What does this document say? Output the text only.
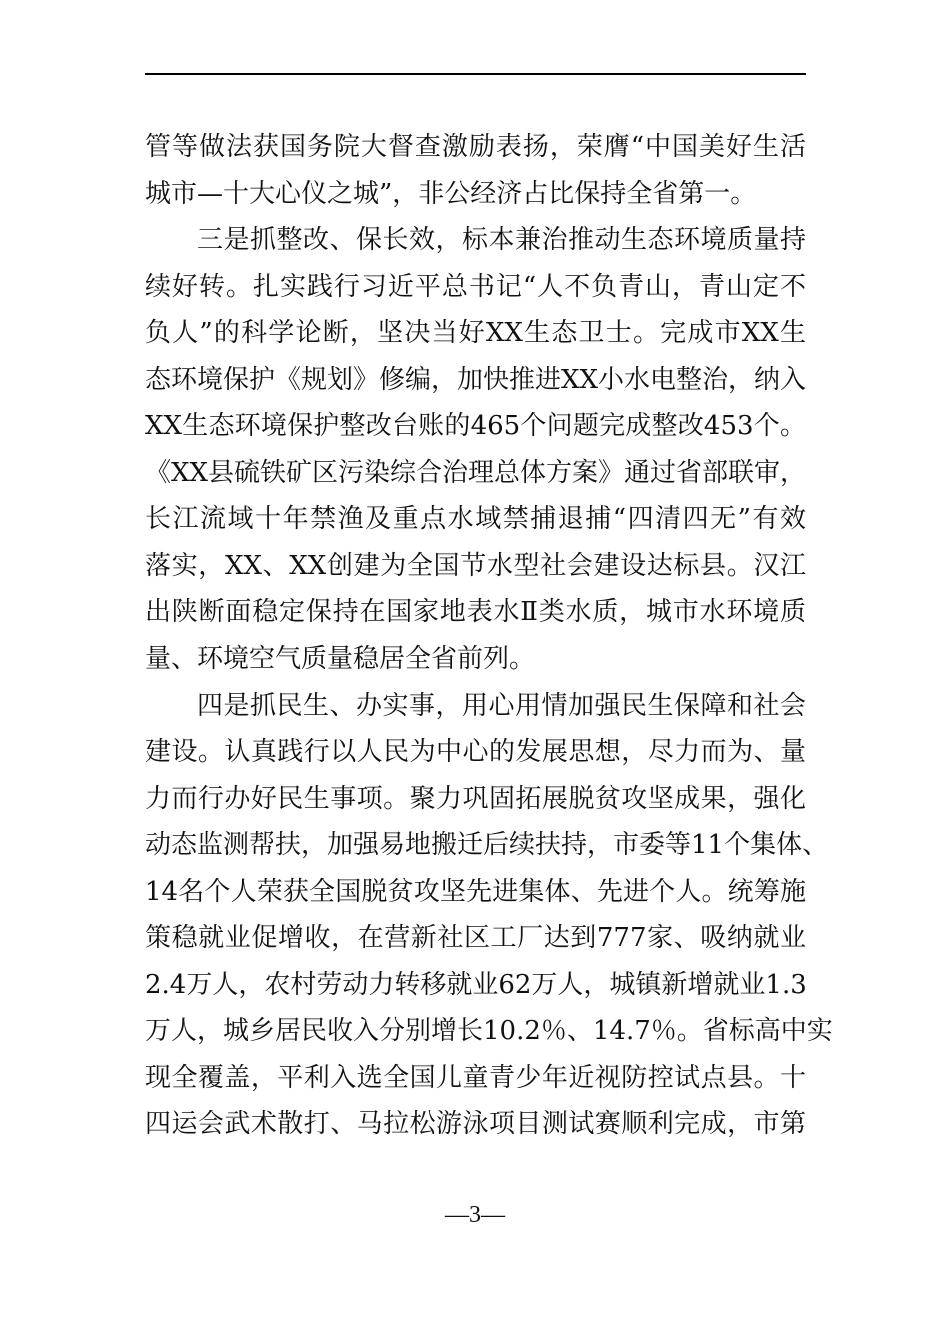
管等做法获国务院大督查激励表扬，荣膺“中国美好生活
城市—十大心仪之城”，非公经济占比保持全省第一。
三是抓整改、保长效，标本兼治推动生态环境质量持
续好转。扎实践行习近平总书记“人不负青山，青山定不
负人”的科学论断，坚决当好XX生态卫士。完成市XX生
态环境保护《规划》修编，加快推进XX小水电整治，纳入
XX生态环境保护整改台账的465个问题完成整改453个。
《XX县硫铁矿区污染综合治理总体方案》通过省部联审，
长江流域十年禁渔及重点水域禁捕退捕“四清四无”有效
落实，XX、XX创建为全国节水型社会建设达标县。汉江
出陕断面稳定保持在国家地表水Ⅱ类水质，城市水环境质
量、环境空气质量稳居全省前列。
四是抓民生、办实事，用心用情加强民生保障和社会
建设。认真践行以人民为中心的发展思想，尽力而为、量
力而行办好民生事项。聚力巩固拓展脱贫攻坚成果，强化
动态监测帮扶，加强易地搬迁后续扶持，市委等11个集体、
14名个人荣获全国脱贫攻坚先进集体、先进个人。统筹施
策稳就业促增收，在营新社区工厂达到777家、吸纳就业
2.4万人，农村劳动力转移就业62万人，城镇新增就业1.3
万人，城乡居民收入分别增长10.2％、14.7％。省标高中实
现全覆盖，平利入选全国儿童青少年近视防控试点县。十
四运会武术散打、马拉松游泳项目测试赛顺利完成，市第
—3—
